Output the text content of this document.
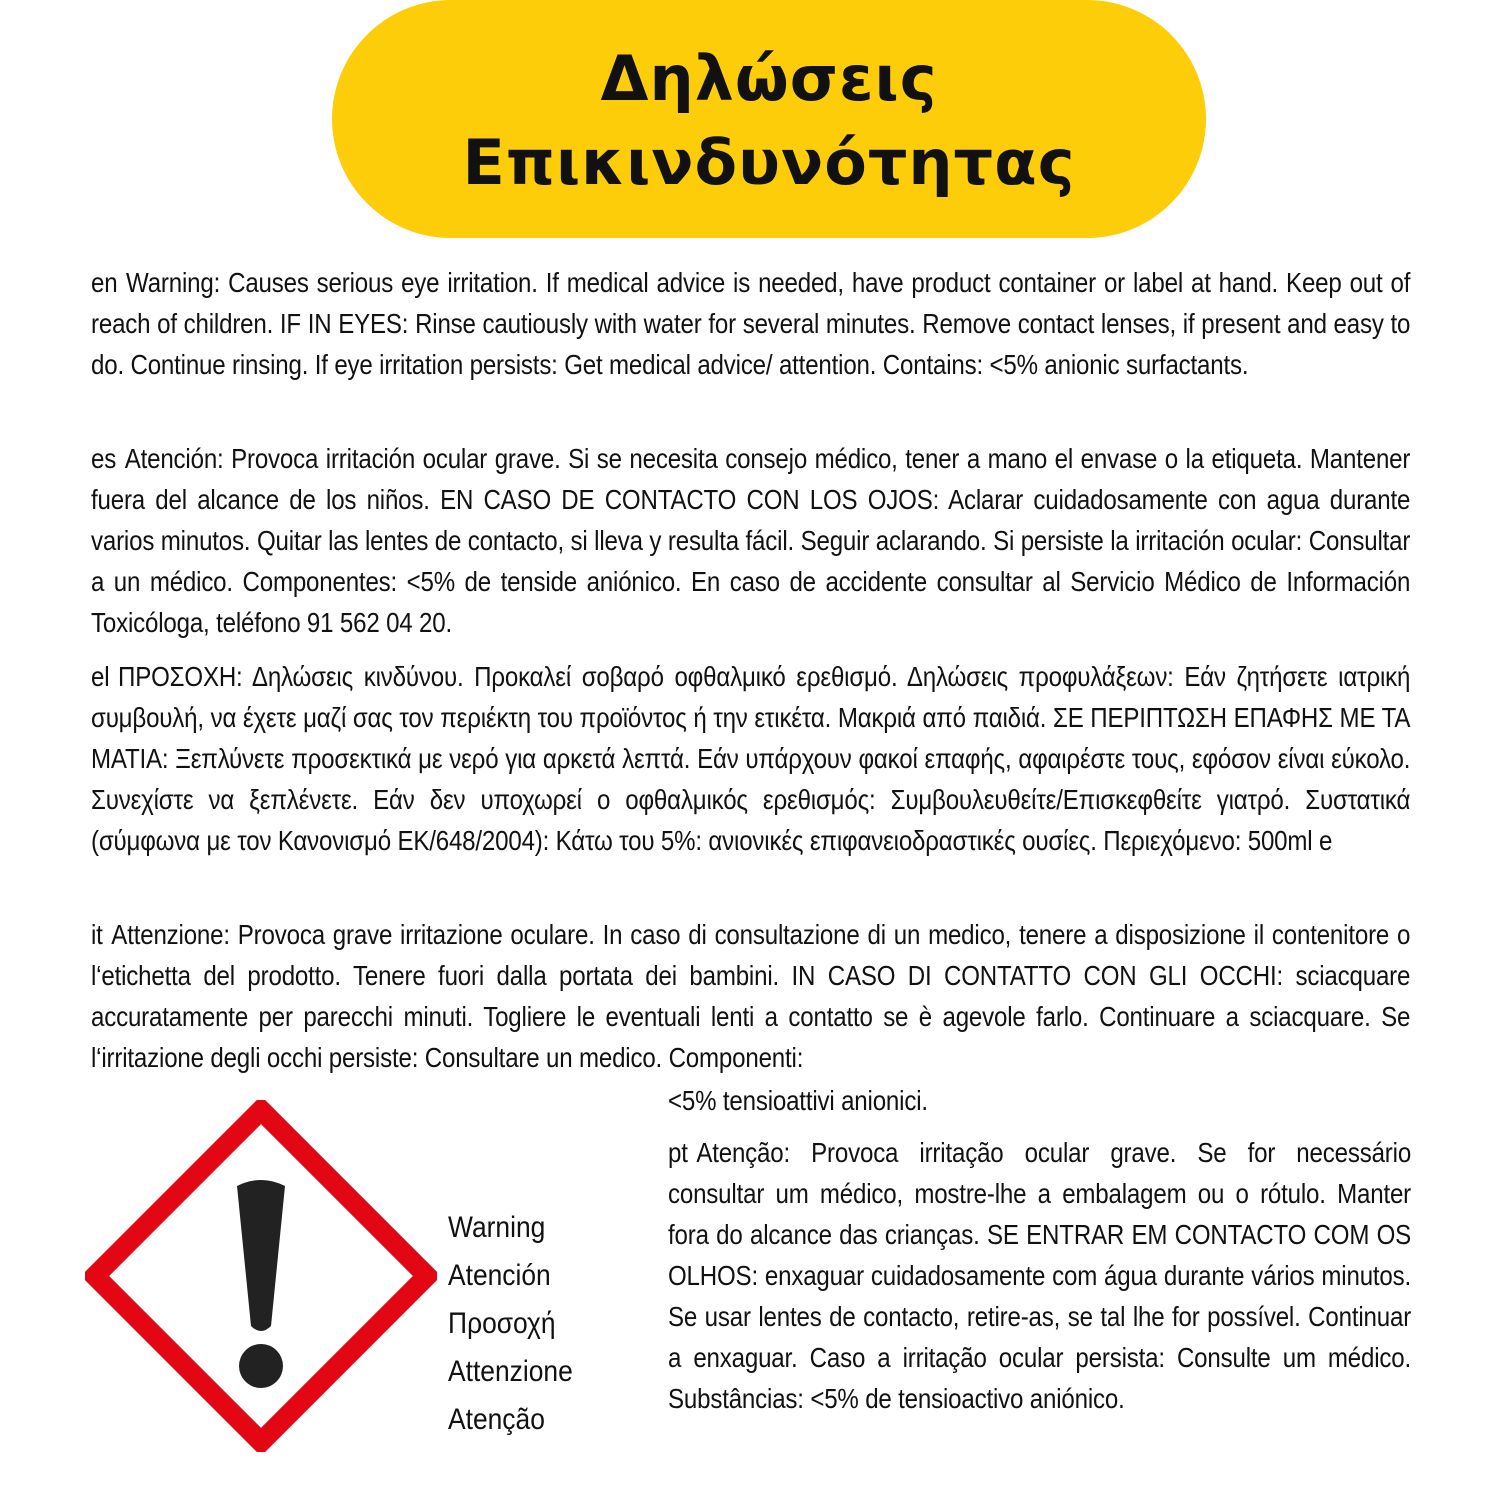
Δηλώσεις
Επικινδυνότητας
en Warning: Causes serious eye irritation. If medical advice is needed, have product container or label at hand. Keep out of reach of children. IF IN EYES: Rinse cautiously with water for several minutes. Remove contact lenses, if present and easy to do. Continue rinsing. If eye irritation persists: Get medical advice/ attention. Contains: <5% anionic surfactants.
es Atención: Provoca irritación ocular grave. Si se necesita consejo médico, tener a mano el envase o la etiqueta. Mantener fuera del alcance de los niños. EN CASO DE CONTACTO CON LOS OJOS: Aclarar cuidadosamente con agua durante varios minutos. Quitar las lentes de contacto, si lleva y resulta fácil. Seguir aclarando. Si persiste la irritación ocular: Consultar a un médico. Componentes: <5% de tenside aniónico. En caso de accidente consultar al Servicio Médico de Información Toxicóloga, teléfono 91 562 04 20.
el ΠΡΟΣΟΧΗ: Δηλώσεις κινδύνου. Προκαλεί σοβαρό οφθαλμικό ερεθισμό. Δηλώσεις προφυλάξεων: Εάν ζητήσετε ιατρική συμβουλή, να έχετε μαζί σας τον περιέκτη του προϊόντος ή την ετικέτα. Μακριά από παιδιά. ΣΕ ΠΕΡΙΠΤΩΣΗ ΕΠΑΦΗΣ ΜΕ ΤΑ ΜΑΤΙΑ: Ξεπλύνετε προσεκτικά με νερό για αρκετά λεπτά. Εάν υπάρχουν φακοί επαφής, αφαιρέστε τους, εφόσον είναι εύκολο. Συνεχίστε να ξεπλένετε. Εάν δεν υποχωρεί ο οφθαλμικός ερεθισμός: Συμβουλευθείτε/Επισκεφθείτε γιατρό. Συστατικά (σύμφωνα με τον Κανονισμό ΕΚ/648/2004): Κάτω του 5%: ανιονικές επιφανειοδραστικές ουσίες. Περιεχόμενο: 500ml e
it Attenzione: Provoca grave irritazione oculare. In caso di consultazione di un medico, tenere a disposizione il contenitore o l‘etichetta del prodotto. Tenere fuori dalla portata dei bambini. IN CASO DI CONTATTO CON GLI OCCHI: sciacquare accuratamente per parecchi minuti. Togliere le eventuali lenti a contatto se è agevole farlo. Continuare a sciacquare. Se l‘irritazione degli occhi persiste: Consultare un medico. Componenti:
<5% tensioattivi anionici.
pt Atenção: Provoca irritação ocular grave. Se for necessário consultar um médico, mostre-lhe a embalagem ou o rótulo. Manter fora do alcance das crianças. SE ENTRAR EM CONTACTO COM OS OLHOS: enxaguar cuidadosamente com água durante vários minutos. Se usar lentes de contacto, retire-as, se tal lhe for possível. Continuar a enxaguar. Caso a irritação ocular persista: Consulte um médico. Substâncias: <5% de tensioactivo aniónico.
Warning
Atención
Προσοχή
Attenzione
Atenção
